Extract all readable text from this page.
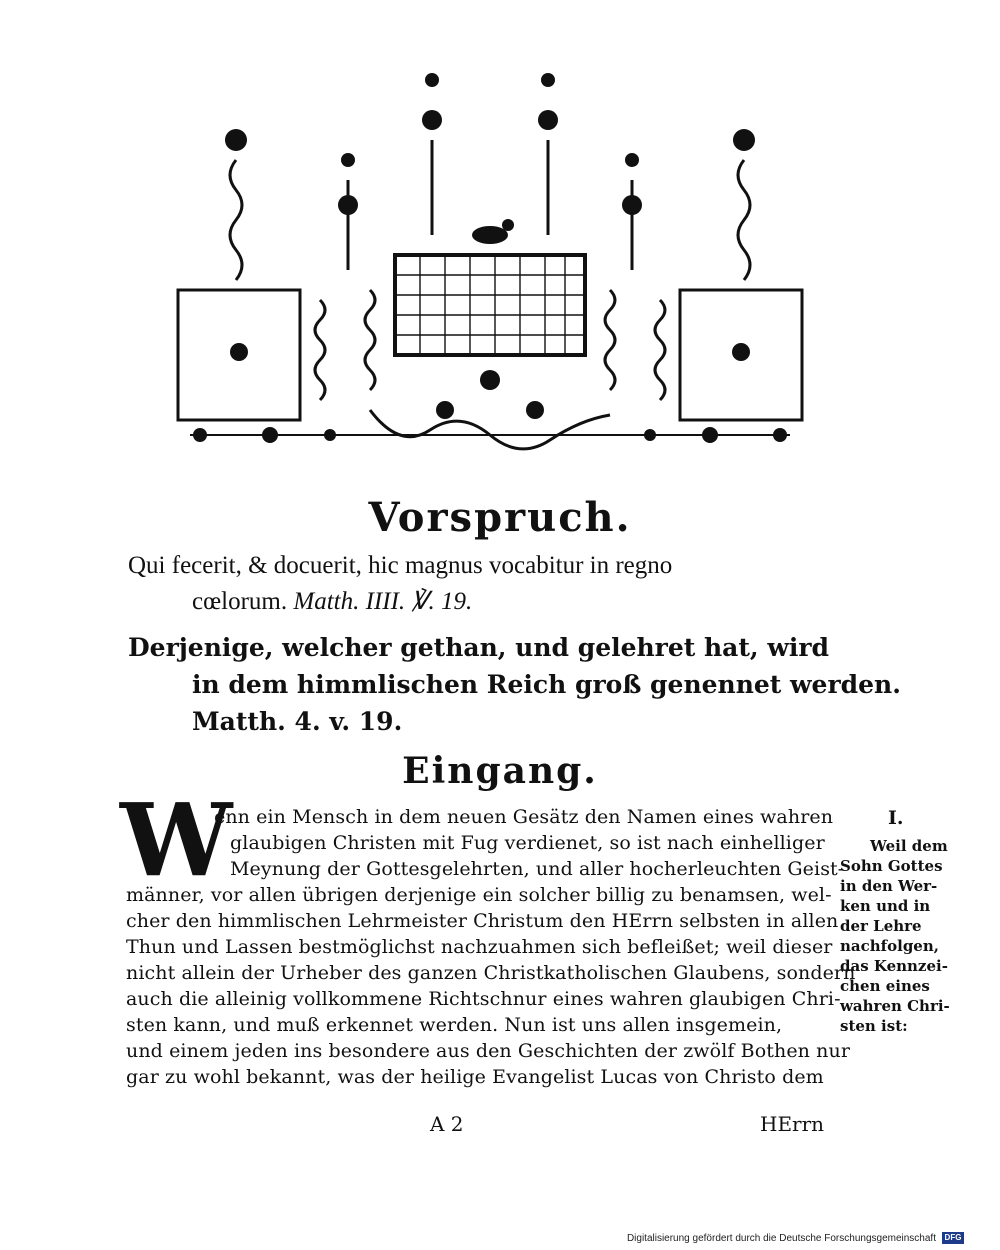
Vorspruch.
Qui fecerit, & docuerit, hic magnus vocabitur in regno
cœlorum. Matth. IIII. ℣. 19.
Derjenige, welcher gethan, und gelehret hat, wird
in dem himmlischen Reich groß genennet werden.
Matth. 4. v. 19.
Eingang.
W
enn ein Mensch in dem neuen Gesätz den Namen eines wahren
glaubigen Christen mit Fug verdienet, so ist nach einhelliger
Meynung der Gottesgelehrten, und aller hocherleuchten Geist-
männer, vor allen übrigen derjenige ein solcher billig zu benamsen, wel-
cher den himmlischen Lehrmeister Christum den HErrn selbsten in allen
Thun und Lassen bestmöglichst nachzuahmen sich befleißet; weil dieser
nicht allein der Urheber des ganzen Christkatholischen Glaubens, sondern
auch die alleinig vollkommene Richtschnur eines wahren glaubigen Chri-
sten kann, und muß erkennet werden. Nun ist uns allen insgemein,
und einem jeden ins besondere aus den Geschichten der zwölf Bothen nur
gar zu wohl bekannt, was der heilige Evangelist Lucas von Christo dem
I.
Weil dem
Sohn Gottes
in den Wer-
ken und in
der Lehre
nachfolgen,
das Kennzei-
chen eines
wahren Chri-
sten ist:
A 2	HErrn
Digitalisierung gefördert durch die Deutsche Forschungsgemeinschaft	DFG
